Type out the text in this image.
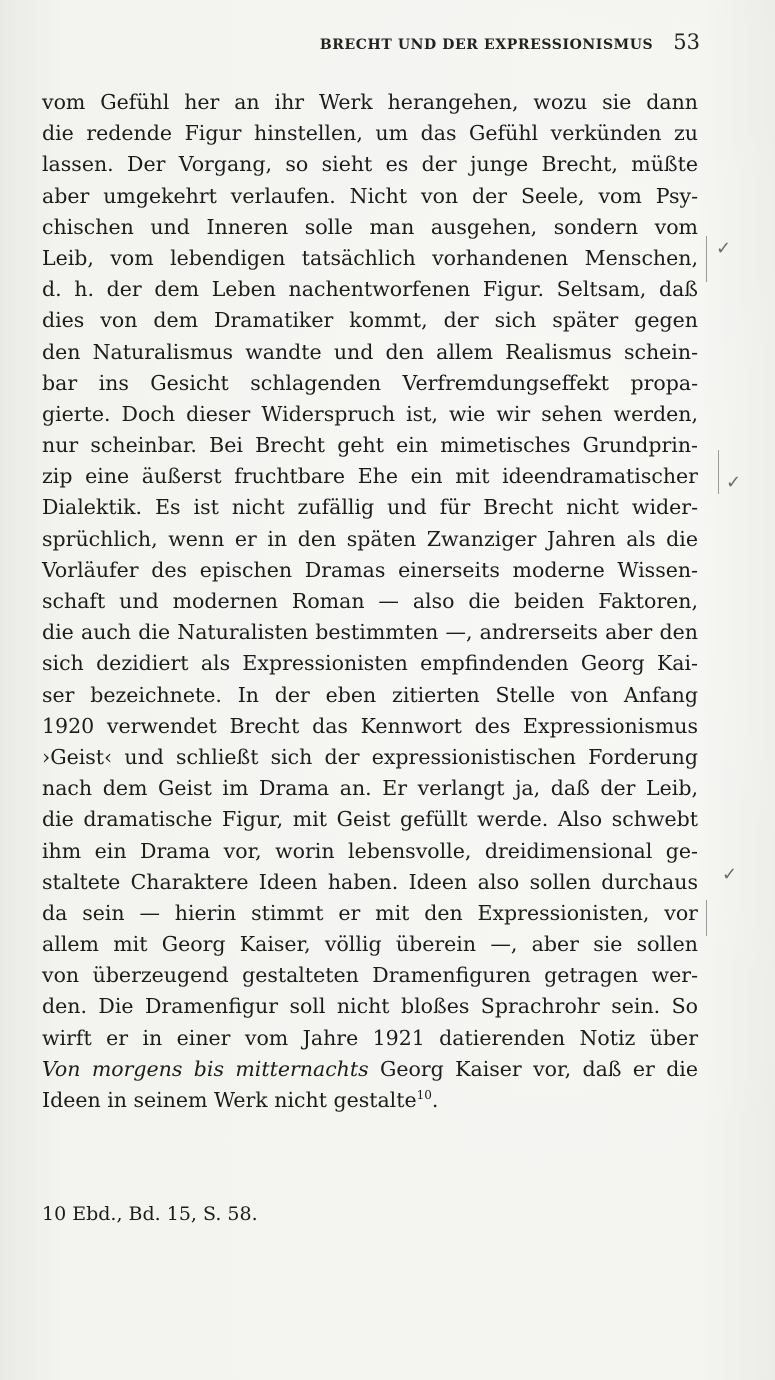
BRECHT UND DER EXPRESSIONISMUS 53
vom Gefühl her an ihr Werk herangehen, wozu sie dann
die redende Figur hinstellen, um das Gefühl verkünden zu
lassen. Der Vorgang, so sieht es der junge Brecht, müßte
aber umgekehrt verlaufen. Nicht von der Seele, vom Psy-
chischen und Inneren solle man ausgehen, sondern vom
Leib, vom lebendigen tatsächlich vorhandenen Menschen,
d. h. der dem Leben nachentworfenen Figur. Seltsam, daß
dies von dem Dramatiker kommt, der sich später gegen
den Naturalismus wandte und den allem Realismus schein-
bar ins Gesicht schlagenden Verfremdungseffekt propa-
gierte. Doch dieser Widerspruch ist, wie wir sehen werden,
nur scheinbar. Bei Brecht geht ein mimetisches Grundprin-
zip eine äußerst fruchtbare Ehe ein mit ideendramatischer
Dialektik. Es ist nicht zufällig und für Brecht nicht wider-
sprüchlich, wenn er in den späten Zwanziger Jahren als die
Vorläufer des epischen Dramas einerseits moderne Wissen-
schaft und modernen Roman — also die beiden Faktoren,
die auch die Naturalisten bestimmten —, andrerseits aber den
sich dezidiert als Expressionisten empfindenden Georg Kai-
ser bezeichnete. In der eben zitierten Stelle von Anfang
1920 verwendet Brecht das Kennwort des Expressionismus
›Geist‹ und schließt sich der expressionistischen Forderung
nach dem Geist im Drama an. Er verlangt ja, daß der Leib,
die dramatische Figur, mit Geist gefüllt werde. Also schwebt
ihm ein Drama vor, worin lebensvolle, dreidimensional ge-
staltete Charaktere Ideen haben. Ideen also sollen durchaus
da sein — hierin stimmt er mit den Expressionisten, vor
allem mit Georg Kaiser, völlig überein —, aber sie sollen
von überzeugend gestalteten Dramenfiguren getragen wer-
den. Die Dramenfigur soll nicht bloßes Sprachrohr sein. So
wirft er in einer vom Jahre 1921 datierenden Notiz über
Von morgens bis mitternachts Georg Kaiser vor, daß er die
Ideen in seinem Werk nicht gestalte$^{10}$.
10 Ebd., Bd. 15, S. 58.
✓
✓
✓
